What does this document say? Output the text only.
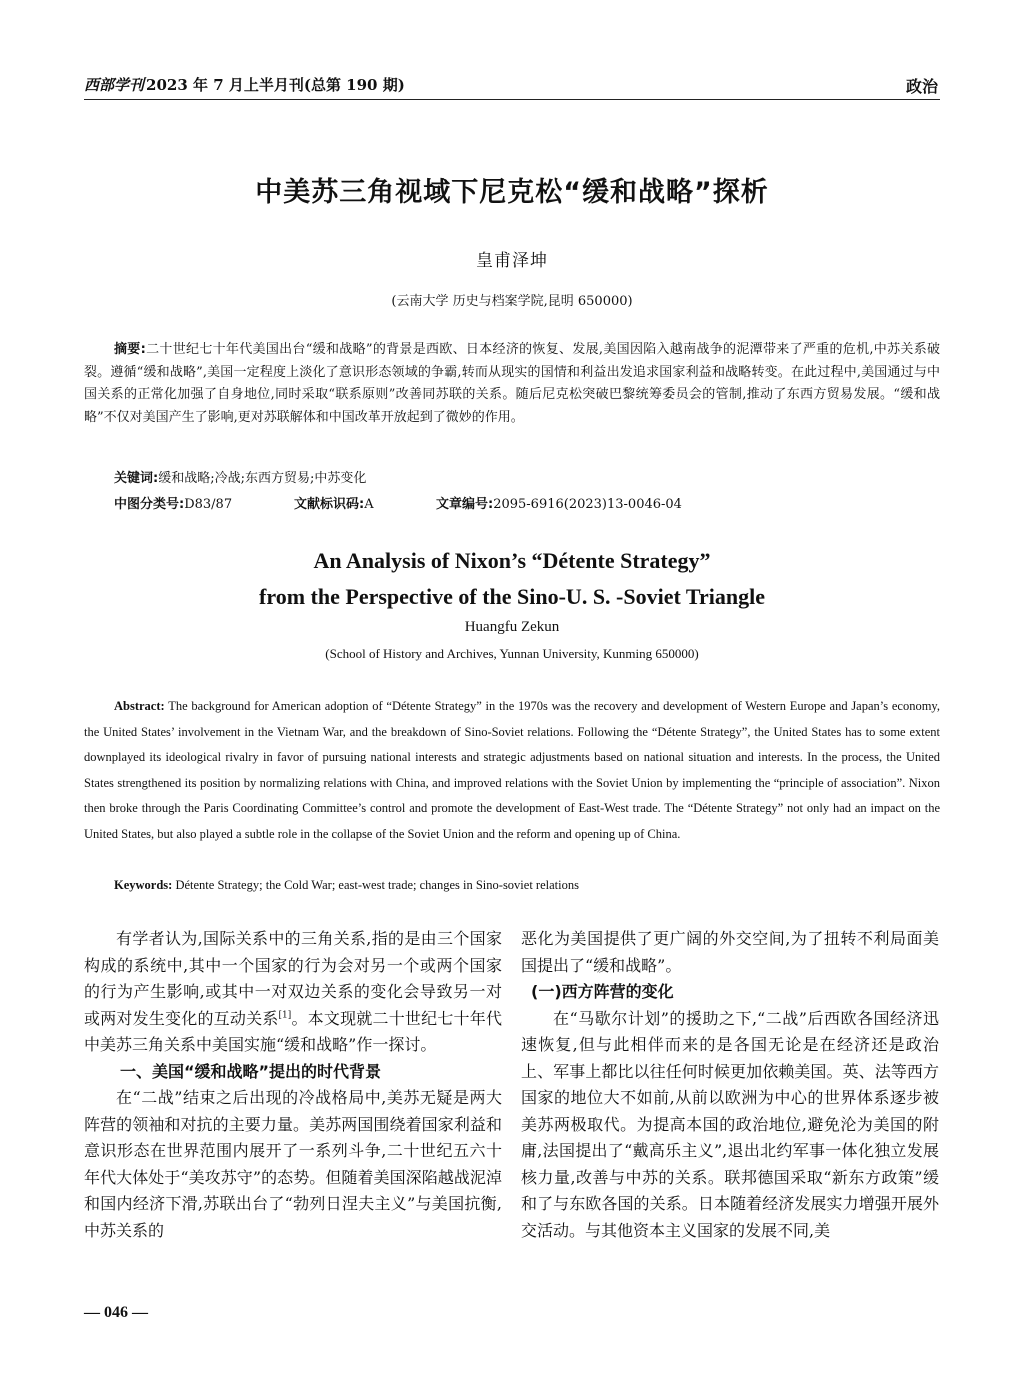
西部学刊 2023 年 7 月上半月刊(总第 190 期)	政治
中美苏三角视域下尼克松“缓和战略”探析
皇甫泽坤
(云南大学 历史与档案学院,昆明 650000)
摘要:二十世纪七十年代美国出台“缓和战略”的背景是西欧、日本经济的恢复、发展,美国因陷入越南战争的泥潭带来了严重的危机,中苏关系破裂。遵循“缓和战略”,美国一定程度上淡化了意识形态领域的争霸,转而从现实的国情和利益出发追求国家利益和战略转变。在此过程中,美国通过与中国关系的正常化加强了自身地位,同时采取“联系原则”改善同苏联的关系。随后尼克松突破巴黎统筹委员会的管制,推动了东西方贸易发展。“缓和战略”不仅对美国产生了影响,更对苏联解体和中国改革开放起到了微妙的作用。
关键词:缓和战略;冷战;东西方贸易;中苏变化
中图分类号:D83/87	文献标识码:A	文章编号:2095-6916(2023)13-0046-04
An Analysis of Nixon’s “Détente Strategy”
from the Perspective of the Sino-U. S. -Soviet Triangle
Huangfu Zekun
(School of History and Archives, Yunnan University, Kunming 650000)
Abstract: The background for American adoption of “Détente Strategy” in the 1970s was the recovery and development of Western Europe and Japan’s economy, the United States’ involvement in the Vietnam War, and the breakdown of Sino-Soviet relations. Following the “Détente Strategy”, the United States has to some extent downplayed its ideological rivalry in favor of pursuing national interests and strategic adjustments based on national situation and interests. In the process, the United States strengthened its position by normalizing relations with China, and improved relations with the Soviet Union by implementing the “principle of association”. Nixon then broke through the Paris Coordinating Committee’s control and promote the development of East-West trade. The “Détente Strategy” not only had an impact on the United States, but also played a subtle role in the collapse of the Soviet Union and the reform and opening up of China.
Keywords: Détente Strategy; the Cold War; east-west trade; changes in Sino-soviet relations

有学者认为,国际关系中的三角关系,指的是由三个国家构成的系统中,其中一个国家的行为会对另一个或两个国家的行为产生影响,或其中一对双边关系的变化会导致另一对或两对发生变化的互动关系[1]。本文现就二十世纪七十年代中美苏三角关系中美国实施“缓和战略”作一探讨。

一、美国“缓和战略”提出的时代背景

在“二战”结束之后出现的冷战格局中,美苏无疑是两大阵营的领袖和对抗的主要力量。美苏两国围绕着国家利益和意识形态在世界范围内展开了一系列斗争,二十世纪五六十年代大体处于“美攻苏守”的态势。但随着美国深陷越战泥淖和国内经济下滑,苏联出台了“勃列日涅夫主义”与美国抗衡,中苏关系的

恶化为美国提供了更广阔的外交空间,为了扭转不利局面美国提出了“缓和战略”。

(一)西方阵营的变化

在“马歇尔计划”的援助之下,“二战”后西欧各国经济迅速恢复,但与此相伴而来的是各国无论是在经济还是政治上、军事上都比以往任何时候更加依赖美国。英、法等西方国家的地位大不如前,从前以欧洲为中心的世界体系逐步被美苏两极取代。为提高本国的政治地位,避免沦为美国的附庸,法国提出了“戴高乐主义”,退出北约军事一体化独立发展核力量,改善与中苏的关系。联邦德国采取“新东方政策”缓和了与东欧各国的关系。日本随着经济发展实力增强开展外交活动。与其他资本主义国家的发展不同,美

— 046 —
